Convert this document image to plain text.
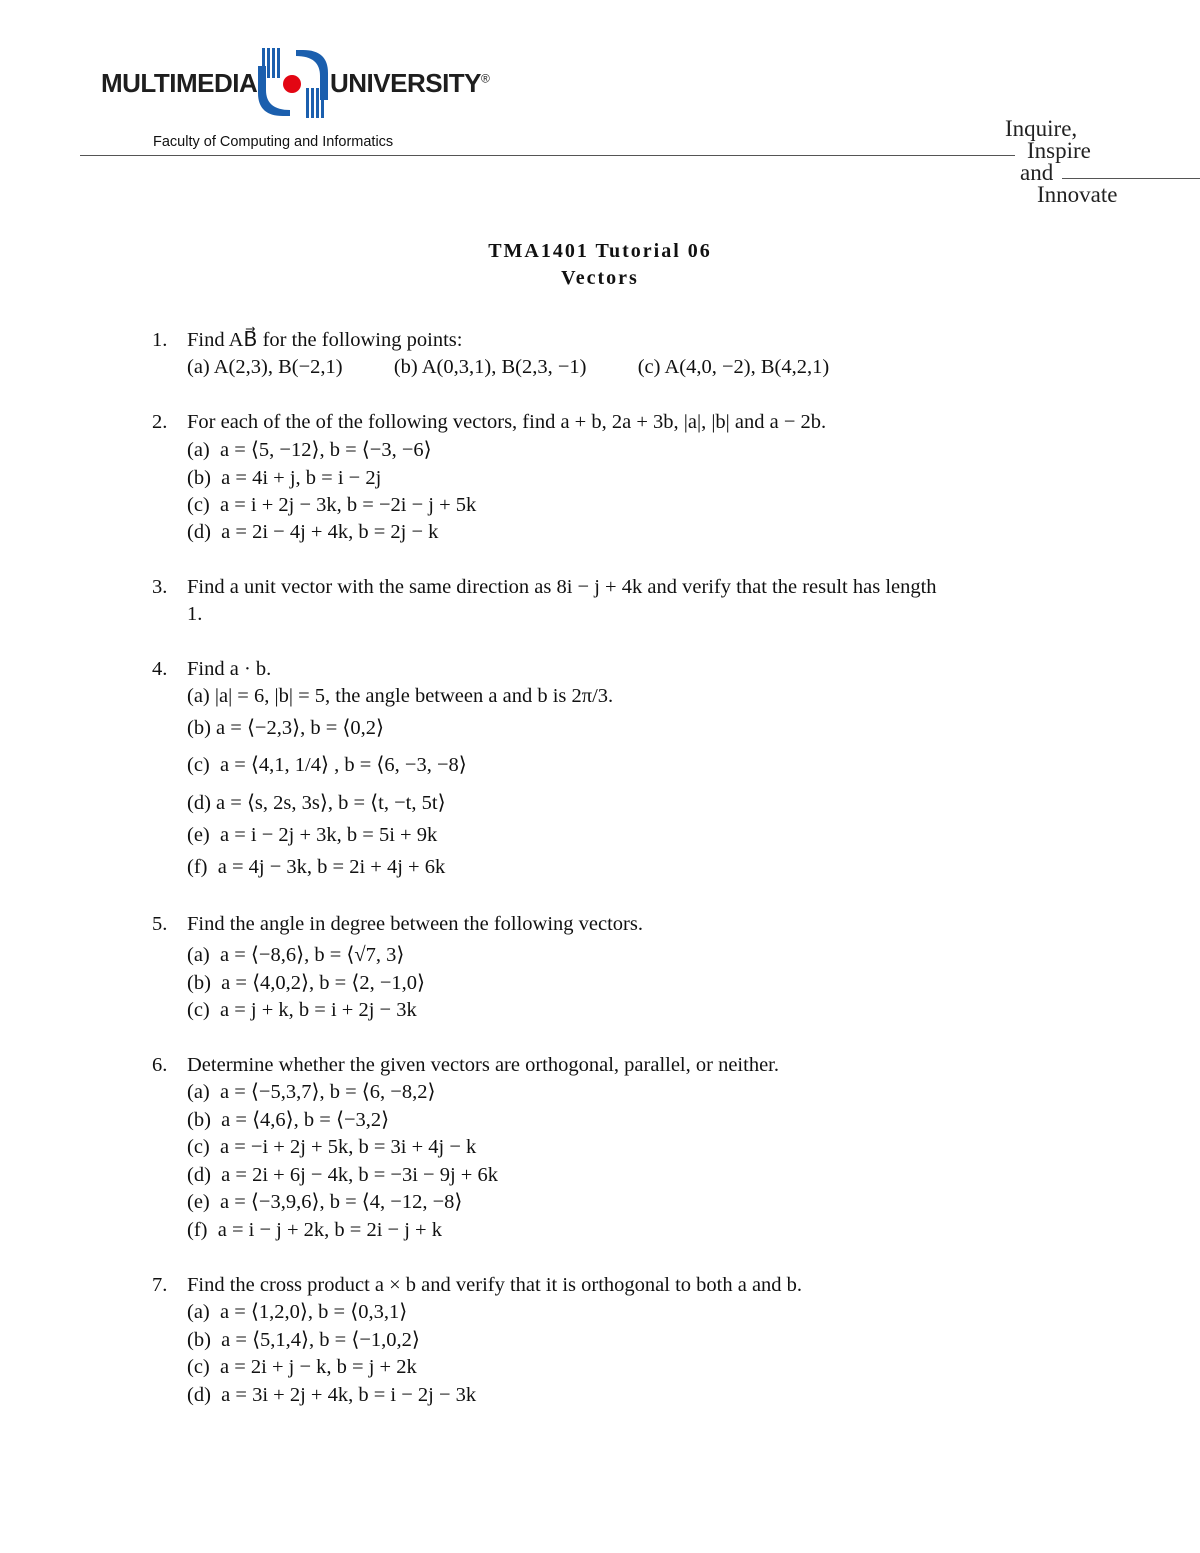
MULTIMEDIA	UNIVERSITY®
Faculty of Computing and Informatics
Inquire,
Inspire
and
Innovate
TMA1401 Tutorial 06
Vectors

1.

Find AB⃗ for the following points:

(a) A(2,3), B(−2,1)          (b) A(0,3,1), B(2,3, −1)          (c) A(4,0, −2), B(4,2,1)

2.

For each of the of the following vectors, find a + b, 2a + 3b, |a|, |b| and a − 2b.

(a)  a = ⟨5, −12⟩, b = ⟨−3, −6⟩

(b)  a = 4i + j, b = i − 2j

(c)  a = i + 2j − 3k, b = −2i − j + 5k

(d)  a = 2i − 4j + 4k, b = 2j − k

3.

Find a unit vector with the same direction as 8i − j + 4k and verify that the result has length

1.

4.

Find a · b.

(a) |a| = 6, |b| = 5, the angle between a and b is 2π/3.

(b) a = ⟨−2,3⟩, b = ⟨0,2⟩

(c)  a = ⟨4,1, 1/4⟩ , b = ⟨6, −3, −8⟩

(d) a = ⟨s, 2s, 3s⟩, b = ⟨t, −t, 5t⟩

(e)  a = i − 2j + 3k, b = 5i + 9k

(f)  a = 4j − 3k, b = 2i + 4j + 6k

5.

Find the angle in degree between the following vectors.

(a)  a = ⟨−8,6⟩, b = ⟨√7, 3⟩

(b)  a = ⟨4,0,2⟩, b = ⟨2, −1,0⟩

(c)  a = j + k, b = i + 2j − 3k

6.

Determine whether the given vectors are orthogonal, parallel, or neither.

(a)  a = ⟨−5,3,7⟩, b = ⟨6, −8,2⟩

(b)  a = ⟨4,6⟩, b = ⟨−3,2⟩

(c)  a = −i + 2j + 5k, b = 3i + 4j − k

(d)  a = 2i + 6j − 4k, b = −3i − 9j + 6k

(e)  a = ⟨−3,9,6⟩, b = ⟨4, −12, −8⟩

(f)  a = i − j + 2k, b = 2i − j + k

7.

Find the cross product a × b and verify that it is orthogonal to both a and b.

(a)  a = ⟨1,2,0⟩, b = ⟨0,3,1⟩

(b)  a = ⟨5,1,4⟩, b = ⟨−1,0,2⟩

(c)  a = 2i + j − k, b = j + 2k

(d)  a = 3i + 2j + 4k, b = i − 2j − 3k
